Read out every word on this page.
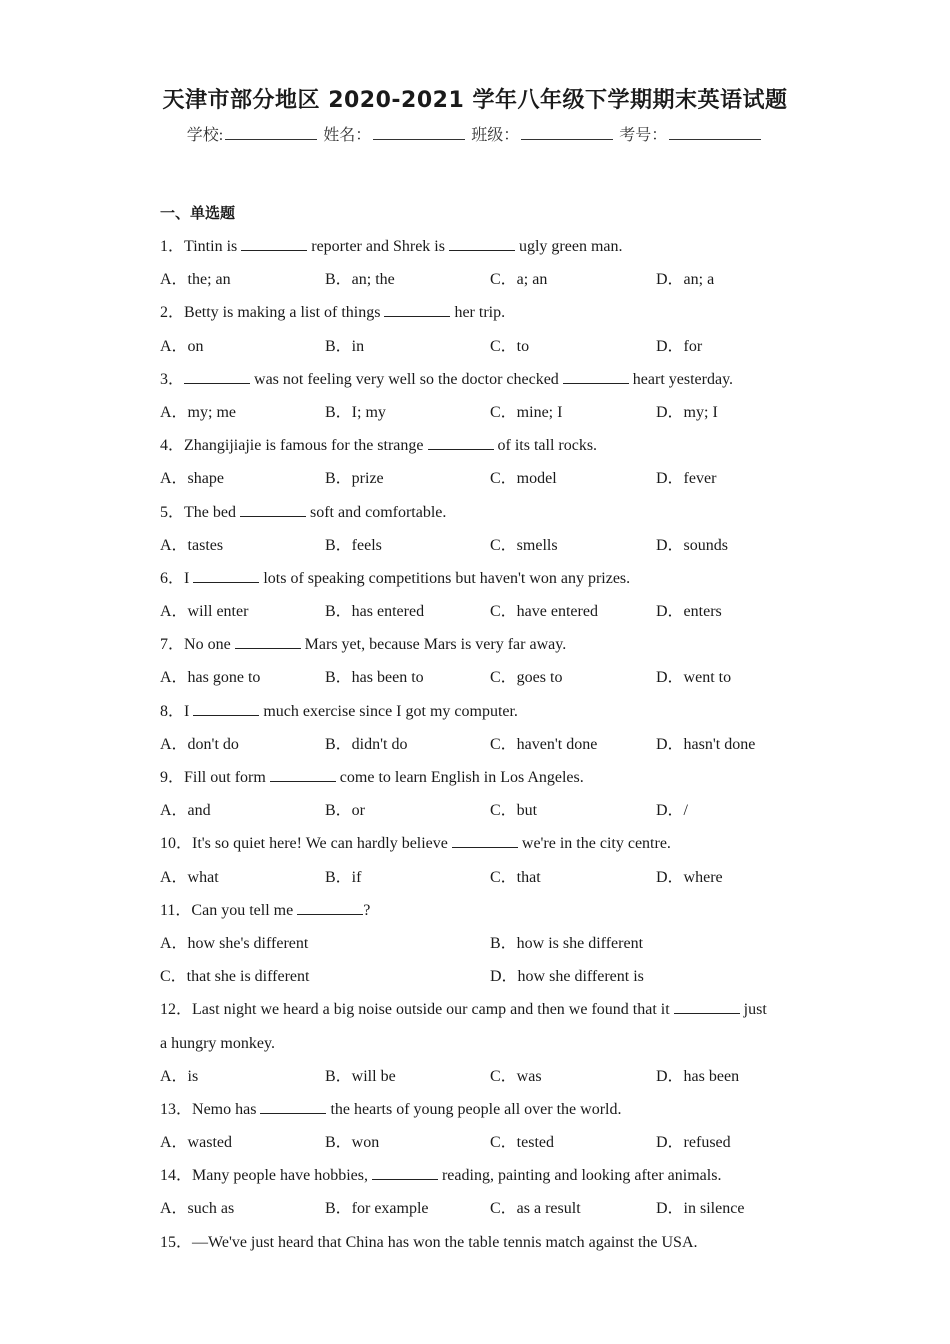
天津市部分地区 2020-2021 学年八年级下学期期末英语试题
学校:	姓名：	班级：	考号：
一、单选题
1．Tintin is	reporter and Shrek is	ugly green man.
A．the; an	B．an; the	C．a; an	D．an; a
2．Betty is making a list of things	her trip.
A．on	B．in	C．to	D．for
3．	was not feeling very well so the doctor checked	heart yesterday.
A．my; me	B．I; my	C．mine; I	D．my; I
4．Zhangijiajie is famous for the strange	of its tall rocks.
A．shape	B．prize	C．model	D．fever
5．The bed	soft and comfortable.
A．tastes	B．feels	C．smells	D．sounds
6．I	lots of speaking competitions but haven't won any prizes.
A．will enter	B．has entered	C．have entered	D．enters
7．No one	Mars yet, because Mars is very far away.
A．has gone to	B．has been to	C．goes to	D．went to
8．I	much exercise since I got my computer.
A．don't do	B．didn't do	C．haven't done	D．hasn't done
9．Fill out form	come to learn English in Los Angeles.
A．and	B．or	C．but	D．/
10．It's so quiet here! We can hardly believe	we're in the city centre.
A．what	B．if	C．that	D．where
11．Can you tell me	?
A．how she's different	B．how is she different
C．that she is different	D．how she different is
12．Last night we heard a big noise outside our camp and then we found that it	just
a hungry monkey.
A．is	B．will be	C．was	D．has been
13．Nemo has	the hearts of young people all over the world.
A．wasted	B．won	C．tested	D．refused
14．Many people have hobbies,	reading, painting and looking after animals.
A．such as	B．for example	C．as a result	D．in silence
15．—We've just heard that China has won the table tennis match against the USA.
